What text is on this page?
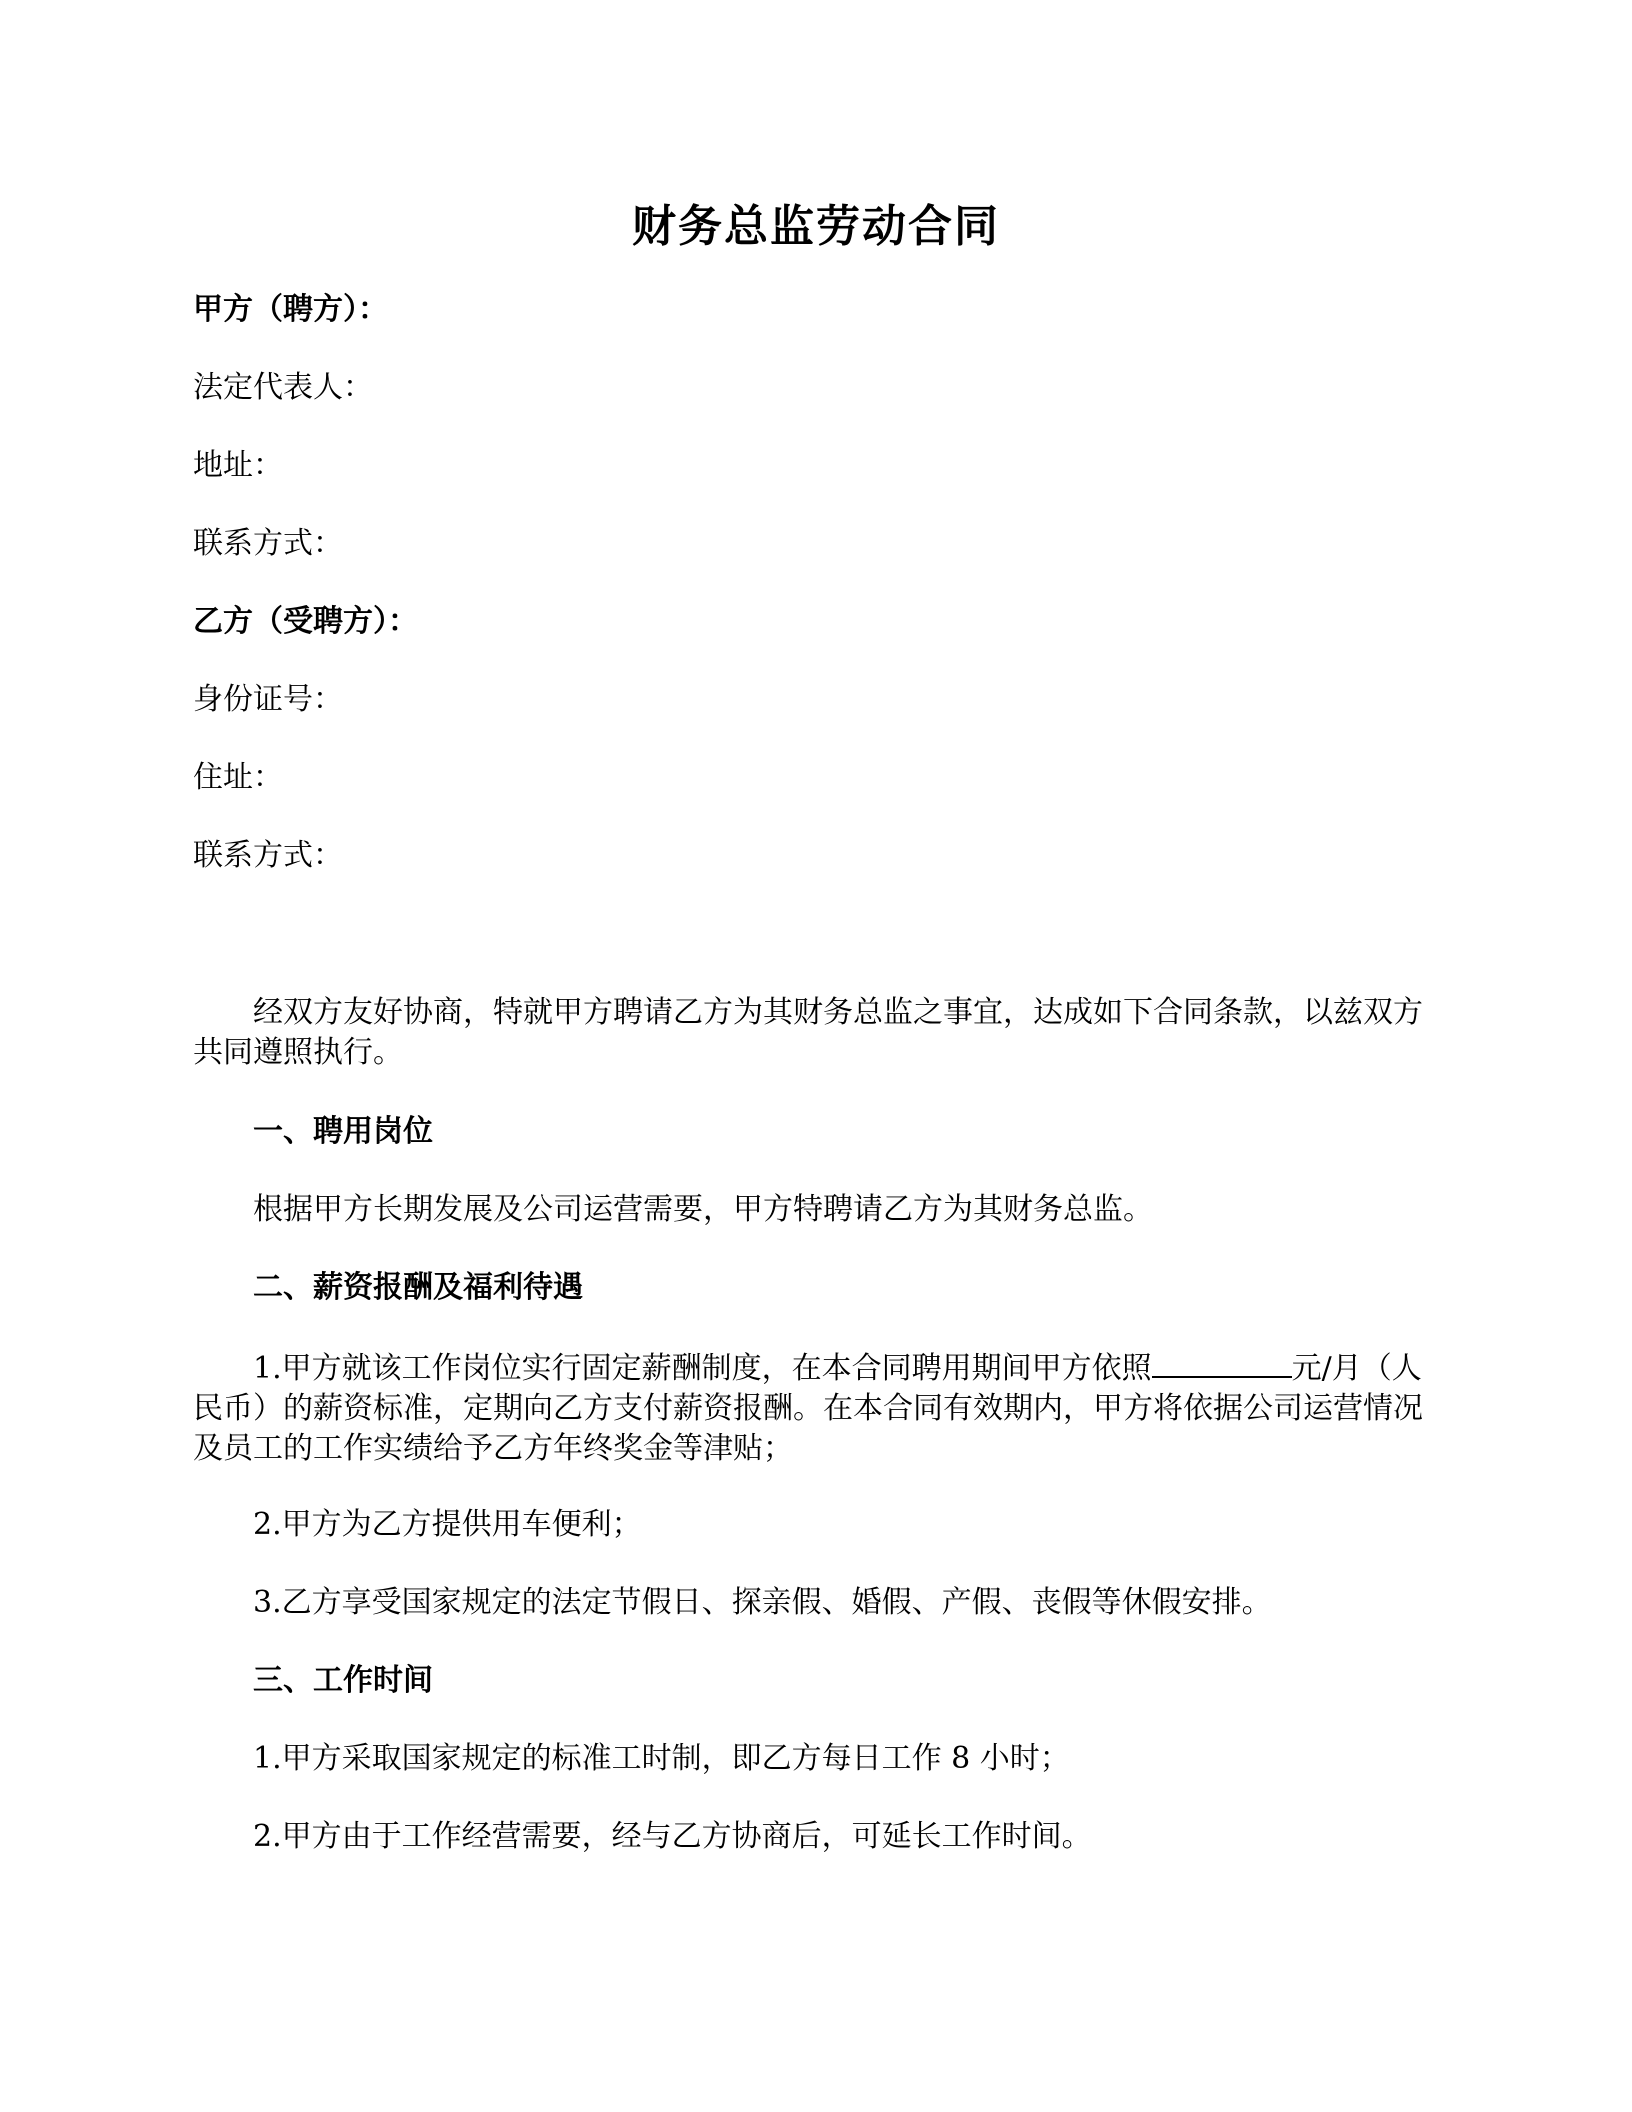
财务总监劳动合同
甲方（聘方）：
法定代表人：
地址：
联系方式：
乙方（受聘方）：
身份证号：
住址：
联系方式：
经双方友好协商，特就甲方聘请乙方为其财务总监之事宜，达成如下合同条款，以兹双方共同遵照执行。
一、聘用岗位
根据甲方长期发展及公司运营需要，甲方特聘请乙方为其财务总监。
二、薪资报酬及福利待遇
1.甲方就该工作岗位实行固定薪酬制度，在本合同聘用期间甲方依照	元/月（人民币）的薪资标准，定期向乙方支付薪资报酬。在本合同有效期内，甲方将依据公司运营情况及员工的工作实绩给予乙方年终奖金等津贴；
2.甲方为乙方提供用车便利；
3.乙方享受国家规定的法定节假日、探亲假、婚假、产假、丧假等休假安排。
三、工作时间
1.甲方采取国家规定的标准工时制，即乙方每日工作 8 小时；
2.甲方由于工作经营需要，经与乙方协商后，可延长工作时间。
